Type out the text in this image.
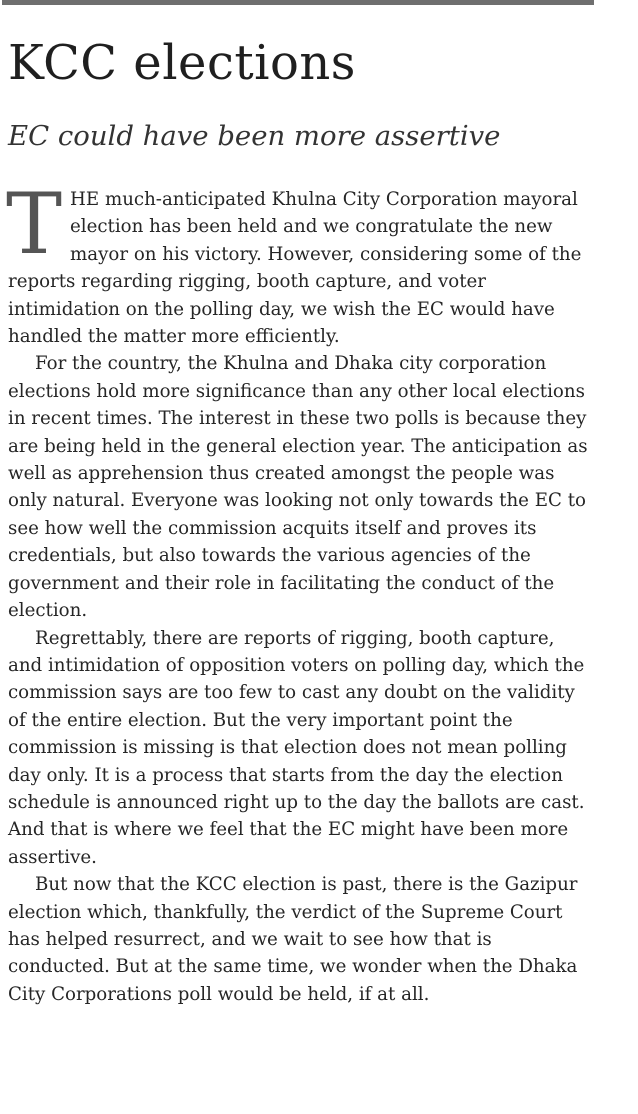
KCC elections
EC could have been more assertive

THE much-anticipated Khulna City Corporation mayoral election has been held and we congratulate the new mayor on his victory. However, considering some of the reports regarding rigging, booth capture, and voter intimidation on the polling day, we wish the EC would have handled the matter more efficiently.

For the country, the Khulna and Dhaka city corporation elections hold more significance than any other local elections in recent times. The interest in these two polls is because they are being held in the general election year. The anticipation as well as apprehension thus created amongst the people was only natural. Everyone was looking not only towards the EC to see how well the commission acquits itself and proves its credentials, but also towards the various agencies of the government and their role in facilitating the conduct of the election.

Regrettably, there are reports of rigging, booth capture, and intimidation of opposition voters on polling day, which the commission says are too few to cast any doubt on the validity of the entire election. But the very important point the commission is missing is that election does not mean polling day only. It is a process that starts from the day the election schedule is announced right up to the day the ballots are cast. And that is where we feel that the EC might have been more assertive.

But now that the KCC election is past, there is the Gazipur election which, thankfully, the verdict of the Supreme Court has helped resurrect, and we wait to see how that is conducted. But at the same time, we wonder when the Dhaka City Corporations poll would be held, if at all.
